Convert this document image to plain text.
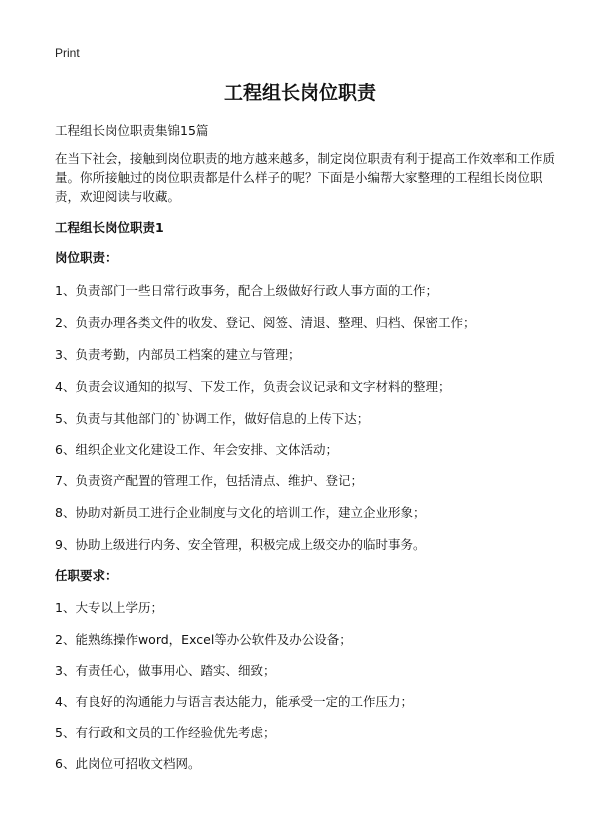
Print
工程组长岗位职责
工程组长岗位职责集锦15篇
在当下社会，接触到岗位职责的地方越来越多，制定岗位职责有利于提高工作效率和工作质量。你所接触过的岗位职责都是什么样子的呢？下面是小编帮大家整理的工程组长岗位职责，欢迎阅读与收藏。
工程组长岗位职责1
岗位职责：
1、负责部门一些日常行政事务，配合上级做好行政人事方面的工作；
2、负责办理各类文件的收发、登记、阅签、清退、整理、归档、保密工作；
3、负责考勤，内部员工档案的建立与管理；
4、负责会议通知的拟写、下发工作，负责会议记录和文字材料的整理；
5、负责与其他部门的`协调工作，做好信息的上传下达；
6、组织企业文化建设工作、年会安排、文体活动；
7、负责资产配置的管理工作，包括清点、维护、登记；
8、协助对新员工进行企业制度与文化的培训工作，建立企业形象；
9、协助上级进行内务、安全管理，积极完成上级交办的临时事务。
任职要求：
1、大专以上学历；
2、能熟练操作word，Excel等办公软件及办公设备；
3、有责任心，做事用心、踏实、细致；
4、有良好的沟通能力与语言表达能力，能承受一定的工作压力；
5、有行政和文员的工作经验优先考虑；
6、此岗位可招收文档网。
